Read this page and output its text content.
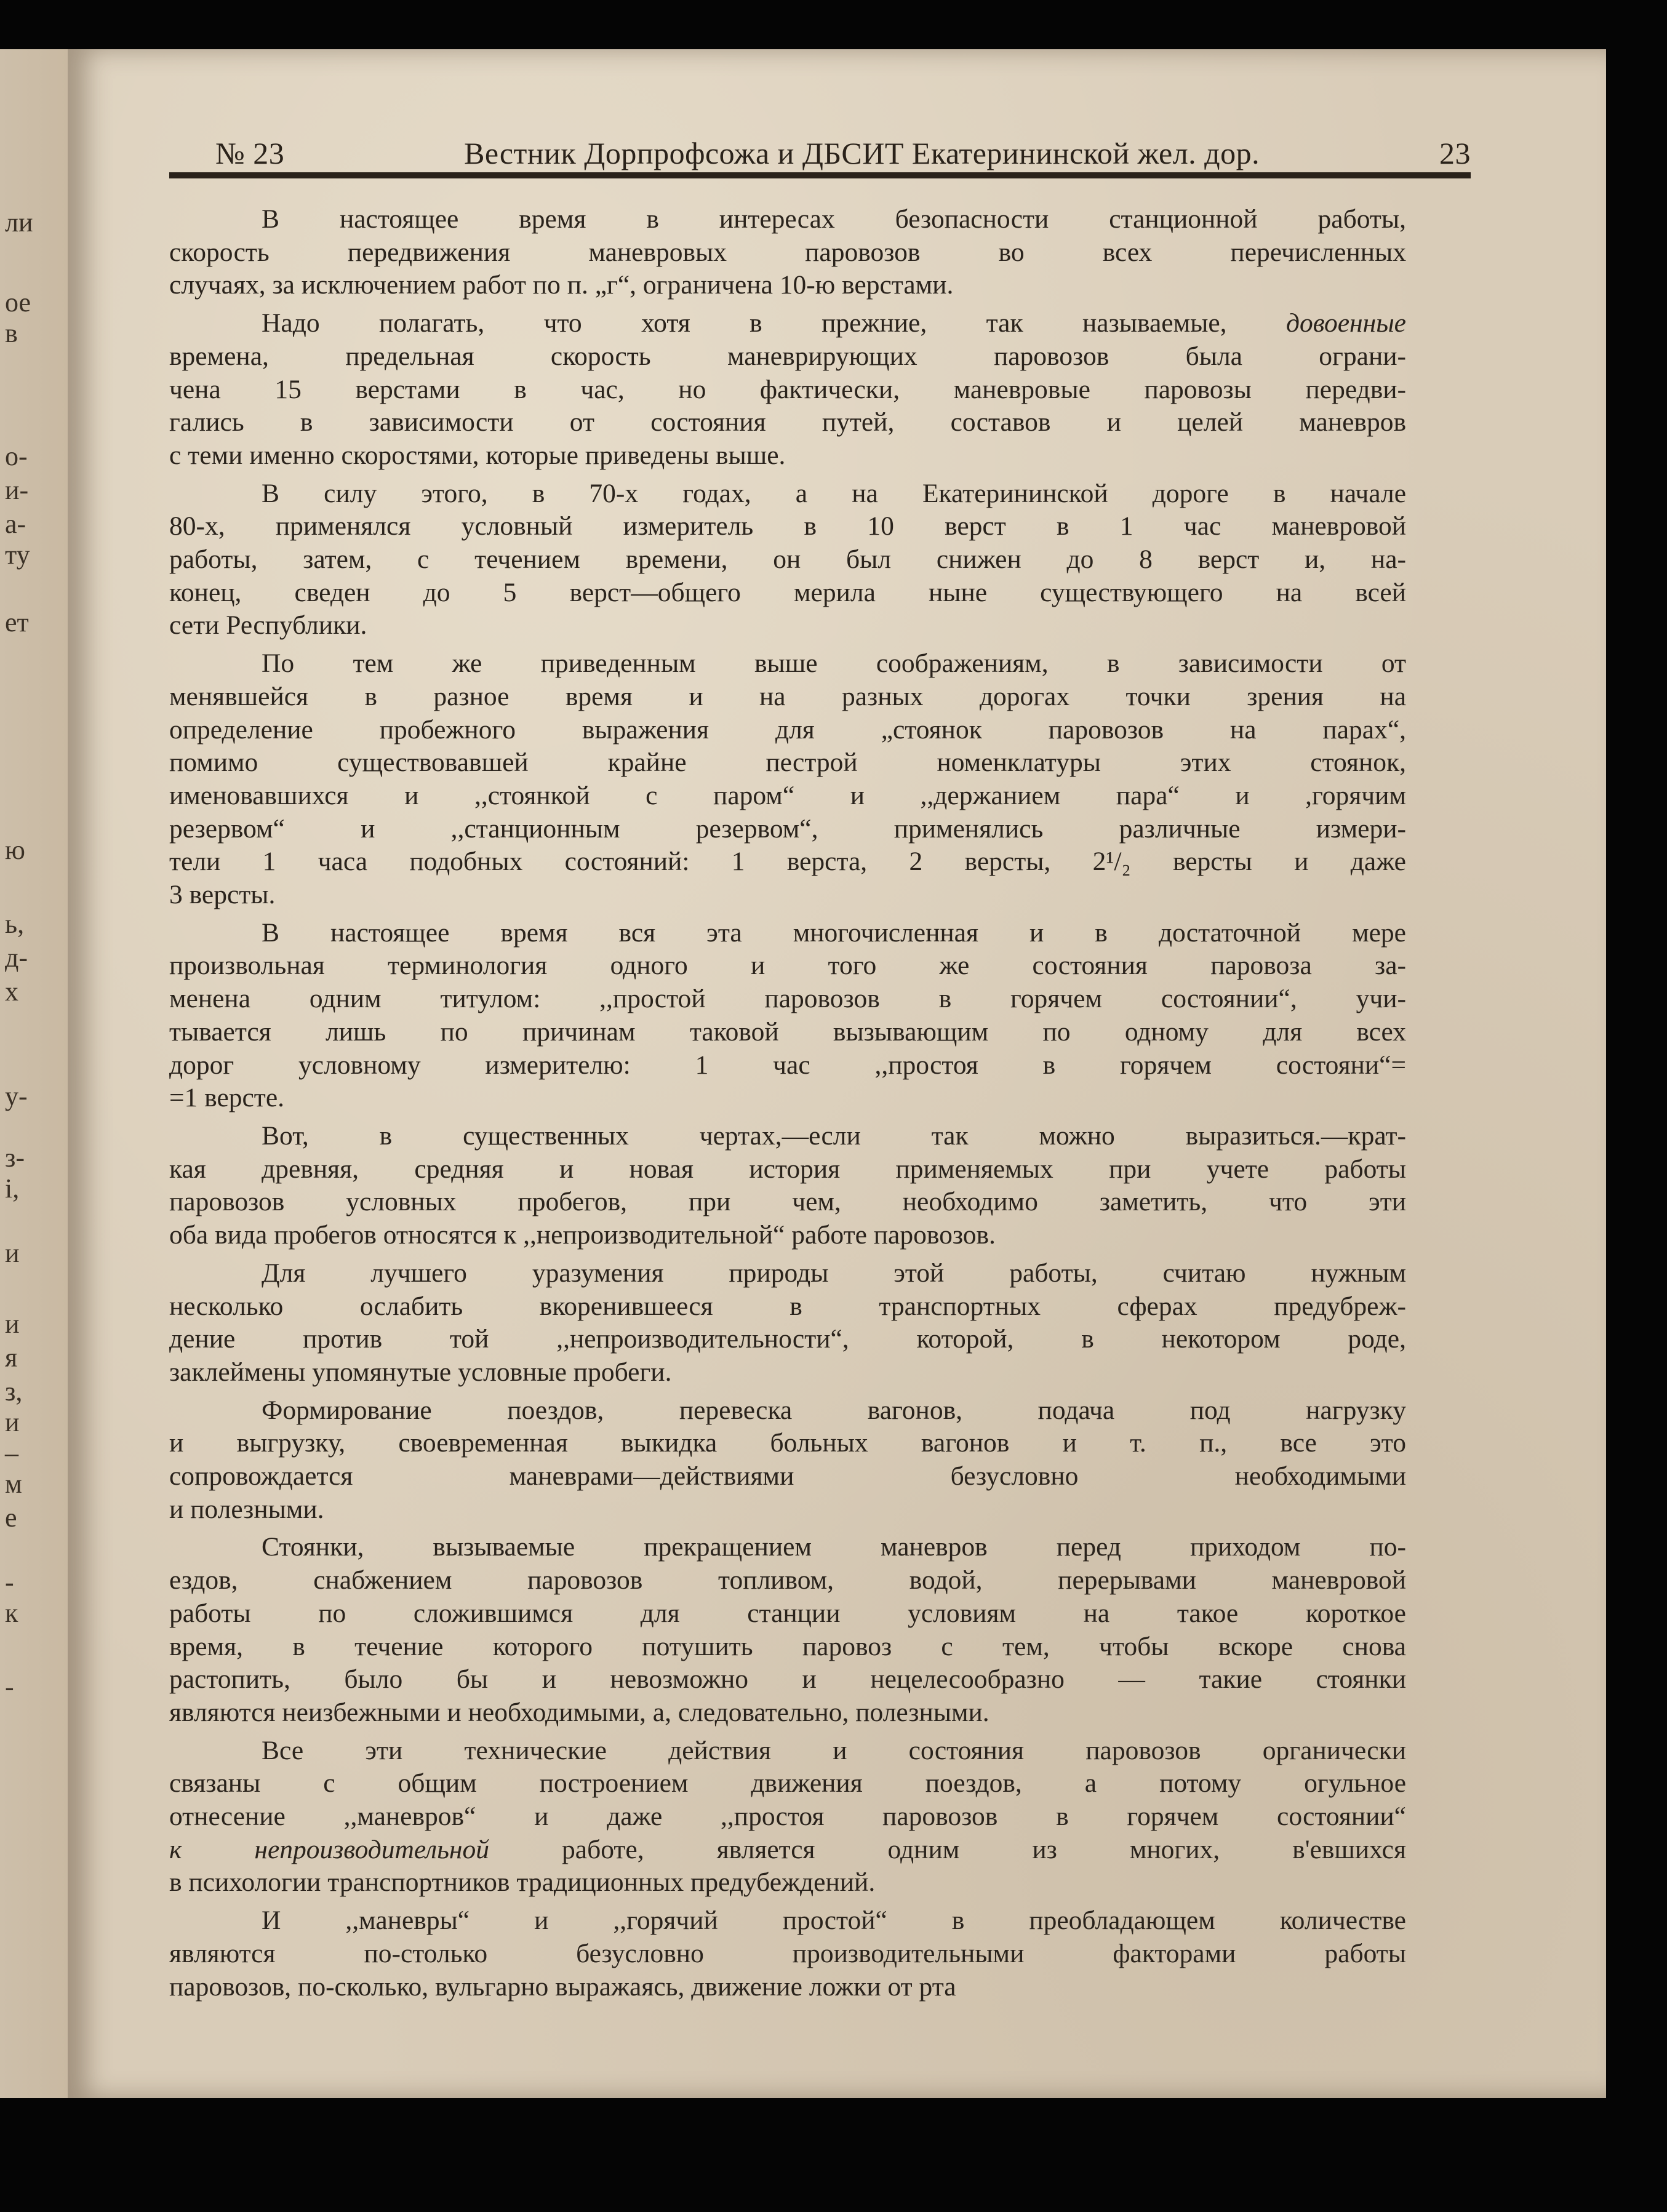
ли
ое
в
о-
и-
а-
ту
ет
ю
ь,
д-
х
у-
з-
і,
и
и
я
з,
и
–
м
е
-
к
-
№ 23	Вестник Дорпрофсожа и ДБСИТ Екатерининской жел. дор.	23
В настоящее время в интересах безопасности станционной работы,
скорость передвижения маневровых паровозов во всех перечисленных
случаях, за исключением работ по п. „г“, ограничена 10-ю верстами.
Надо полагать, что хотя в прежние, так называемые, довоенные
времена, предельная скорость маневрирующих паровозов была ограни-
чена 15 верстами в час, но фактически, маневровые паровозы передви-
гались в зависимости от состояния путей, составов и целей маневров
с теми именно скоростями, которые приведены выше.
В силу этого, в 70-х годах, а на Екатерининской дороге в начале
80-х, применялся условный измеритель в 10 верст в 1 час маневровой
работы, затем, с течением времени, он был снижен до 8 верст и, на-
конец, сведен до 5 верст—общего мерила ныне существующего на всей
сети Республики.
По тем же приведенным выше соображениям, в зависимости от
менявшейся в разное время и на разных дорогах точки зрения на
определение пробежного выражения для „стоянок паровозов на парах“,
помимо существовавшей крайне пестрой номенклатуры этих стоянок,
именовавшихся и ,,стоянкой с паром“ и ,,держанием пара“ и ,горячим
резервом“ и ,,станционным резервом“, применялись различные измери-
тели 1 часа подобных состояний: 1 верста, 2 версты, 2¹/₂ версты и даже
3 версты.
В настоящее время вся эта многочисленная и в достаточной мере
произвольная терминология одного и того же состояния паровоза за-
менена одним титулом: ,,простой паровозов в горячем состоянии“, учи-
тывается лишь по причинам таковой вызывающим по одному для всех
дорог условному измерителю: 1 час ,,простоя в горячем состояни“=
=1 версте.
Вот, в существенных чертах,—если так можно выразиться.—крат-
кая древняя, средняя и новая история применяемых при учете работы
паровозов условных пробегов, при чем, необходимо заметить, что эти
оба вида пробегов относятся к ,,непроизводительной“ работе паровозов.
Для лучшего уразумения природы этой работы, считаю нужным
несколько ослабить вкоренившееся в транспортных сферах предубреж-
дение против той ,,непроизводительности“, которой, в некотором роде,
заклеймены упомянутые условные пробеги.
Формирование поездов, перевеска вагонов, подача под нагрузку
и выгрузку, своевременная выкидка больных вагонов и т. п., все это
сопровождается маневрами—действиями безусловно необходимыми
и полезными.
Стоянки, вызываемые прекращением маневров перед приходом по-
ездов, снабжением паровозов топливом, водой, перерывами маневровой
работы по сложившимся для станции условиям на такое короткое
время, в течение которого потушить паровоз с тем, чтобы вскоре снова
растопить, было бы и невозможно и нецелесообразно — такие стоянки
являются неизбежными и необходимыми, а, следовательно, полезными.
Все эти технические действия и состояния паровозов органически
связаны с общим построением движения поездов, а потому огульное
отнесение ,,маневров“ и даже ,,простоя паровозов в горячем состоянии“
к непроизводительной	работе, является одним из многих, в'евшихся
в психологии транспортников традиционных предубеждений.
И ,,маневры“ и ,,горячий простой“ в преобладающем количестве
являются по-столько безусловно производительными факторами работы
паровозов, по-сколько, вульгарно выражаясь, движение ложки от рта
